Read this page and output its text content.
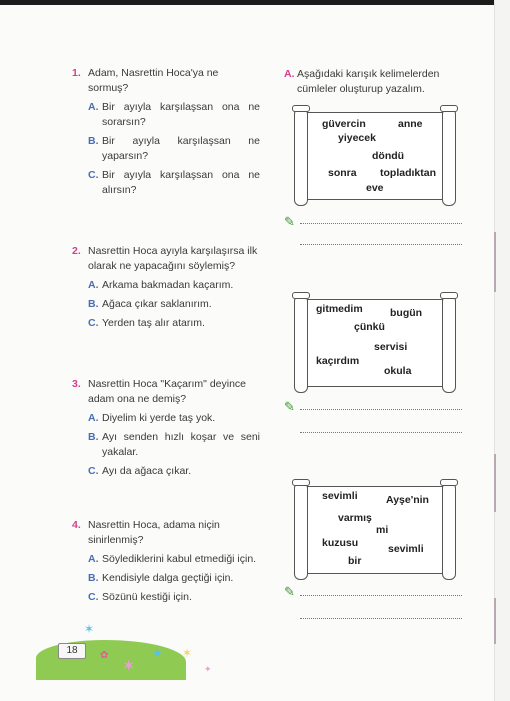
1. Adam, Nasrettin Hoca'ya ne sormuş?
A. Bir ayıyla karşılaşsan ona ne sorarsın?
B. Bir ayıyla karşılaşsan ne yaparsın?
C. Bir ayıyla karşılaşsan ona ne alırsın?
2. Nasrettin Hoca ayıyla karşılaşırsa ilk olarak ne yapacağını söylemiş?
A. Arkama bakmadan kaçarım.
B. Ağaca çıkar saklanırım.
C. Yerden taş alır atarım.
3. Nasrettin Hoca "Kaçarım" deyince adam ona ne demiş?
A. Diyelim ki yerde taş yok.
B. Ayı senden hızlı koşar ve seni yakalar.
C. Ayı da ağaca çıkar.
4. Nasrettin Hoca, adama niçin sinirlenmiş?
A. Söylediklerini kabul etmediği için.
B. Kendisiyle dalga geçtiği için.
C. Sözünü kestiği için.
A. Aşağıdaki karışık kelimelerden cümleler oluşturup yazalım.
güvercin	anne
yiyecek
döndü
sonra topladıktan
eve
✎
gitmedim	bugün
çünkü
servisi
kaçırdım
okula
✎
sevimli	Ayşe'nin
varmış
mi
kuzusu	sevimli
bir
✎
18
✶
✶
★ ✶
✦
✿
